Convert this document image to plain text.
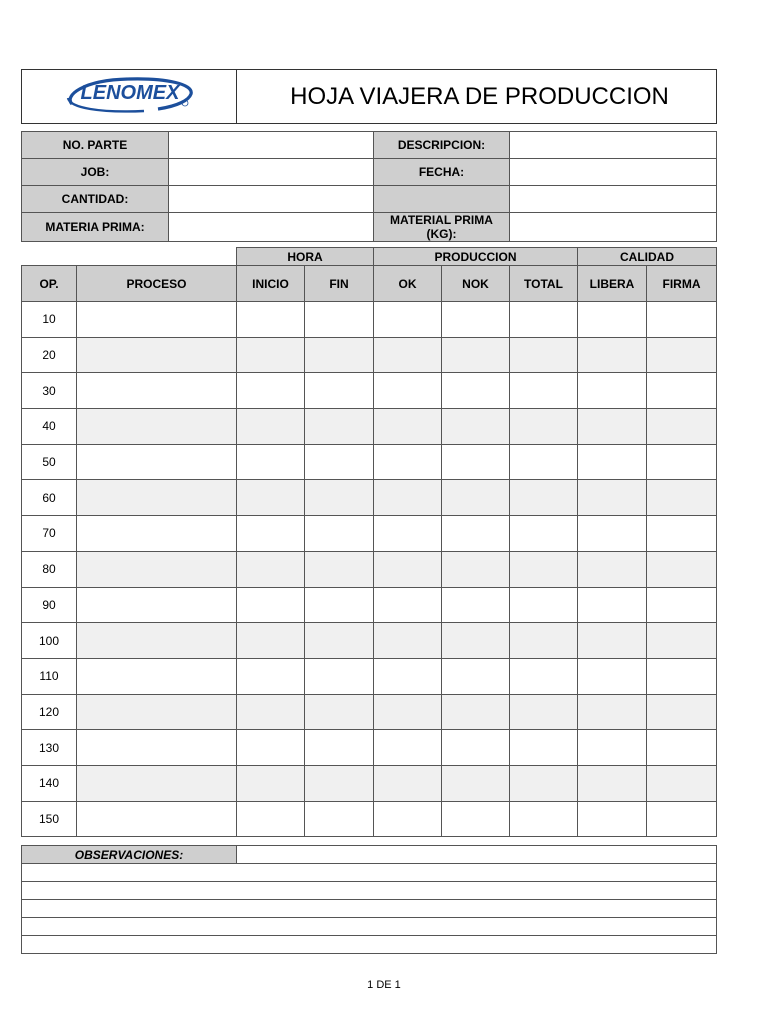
LENOMEX	HOJA VIAJERA DE PRODUCCION
NO. PARTE		DESCRIPCION:	
JOB:		FECHA:	
CANTIDAD:			
MATERIA PRIMA:		MATERIAL PRIMA (KG):	
		HORA		PRODUCCION			CALIDAD	
OP.	PROCESO	INICIO	FIN	OK	NOK	TOTAL	LIBERA	FIRMA
10								
20								
30								
40								
50								
60								
70								
80								
90								
100								
110								
120								
130								
140								
150								
OBSERVACIONES:	

1 DE 1
